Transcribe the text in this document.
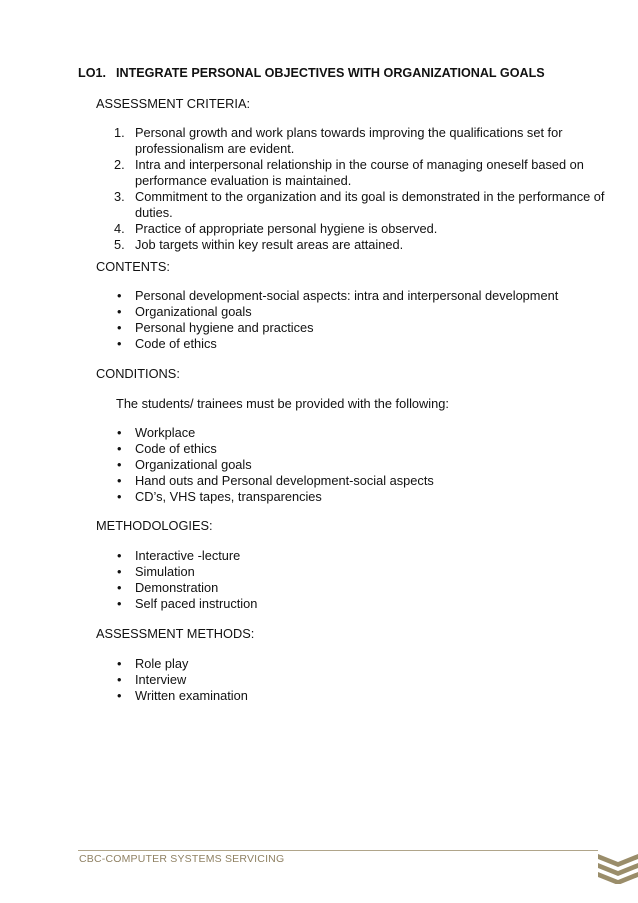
LO1. INTEGRATE PERSONAL OBJECTIVES WITH ORGANIZATIONAL GOALS
ASSESSMENT CRITERIA:
1. Personal growth and work plans towards improving the qualifications set for professionalism are evident.
2. Intra and interpersonal relationship in the course of managing oneself based on performance evaluation is maintained.
3. Commitment to the organization and its goal is demonstrated in the performance of duties.
4. Practice of appropriate personal hygiene is observed.
5. Job targets within key result areas are attained.
CONTENTS:
• Personal development-social aspects: intra and interpersonal development
• Organizational goals
• Personal hygiene and practices
• Code of ethics
CONDITIONS:
The students/ trainees must be provided with the following:
• Workplace
• Code of ethics
• Organizational goals
• Hand outs and Personal development-social aspects
• CD’s, VHS tapes, transparencies
METHODOLOGIES:
• Interactive -lecture
• Simulation
• Demonstration
• Self paced instruction
ASSESSMENT METHODS:
• Role play
• Interview
• Written examination
CBC-COMPUTER SYSTEMS SERVICING
